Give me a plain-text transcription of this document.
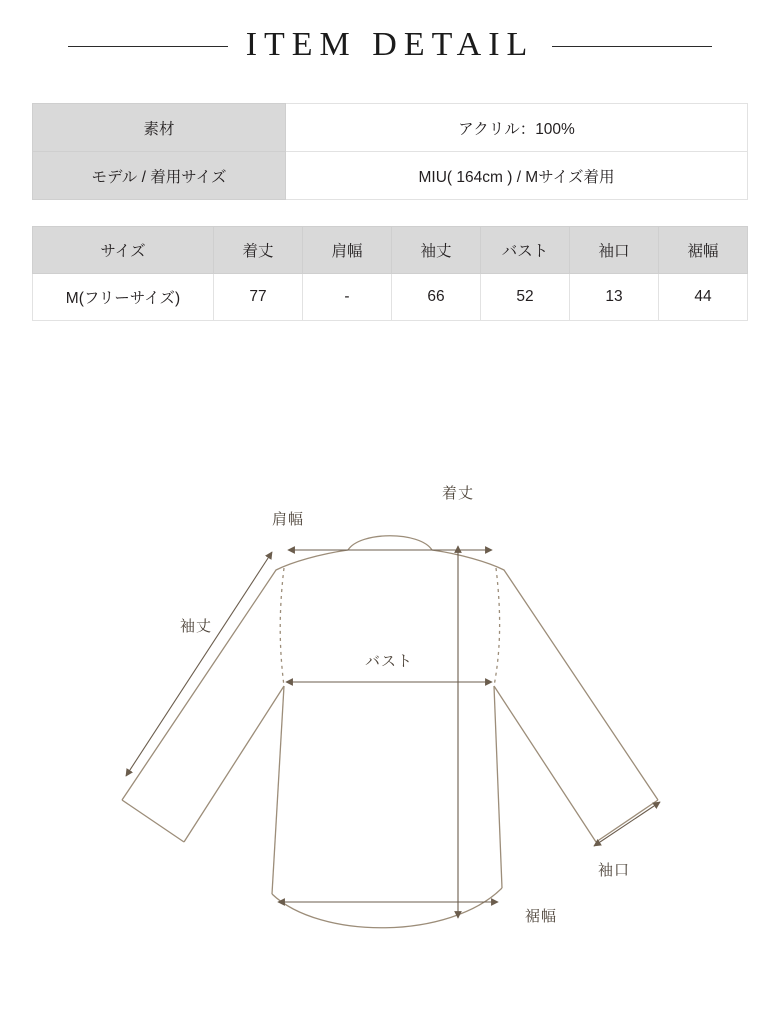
ITEM DETAIL
素材	アクリル：100%
モデル / 着用サイズ	MIU( 164cm ) / Mサイズ着用
サイズ	着丈	肩幅	袖丈	バスト	袖口	裾幅
M(フリーサイズ)	77	-	66	52	13	44
着丈
肩幅
袖丈
バスト
袖口
裾幅
